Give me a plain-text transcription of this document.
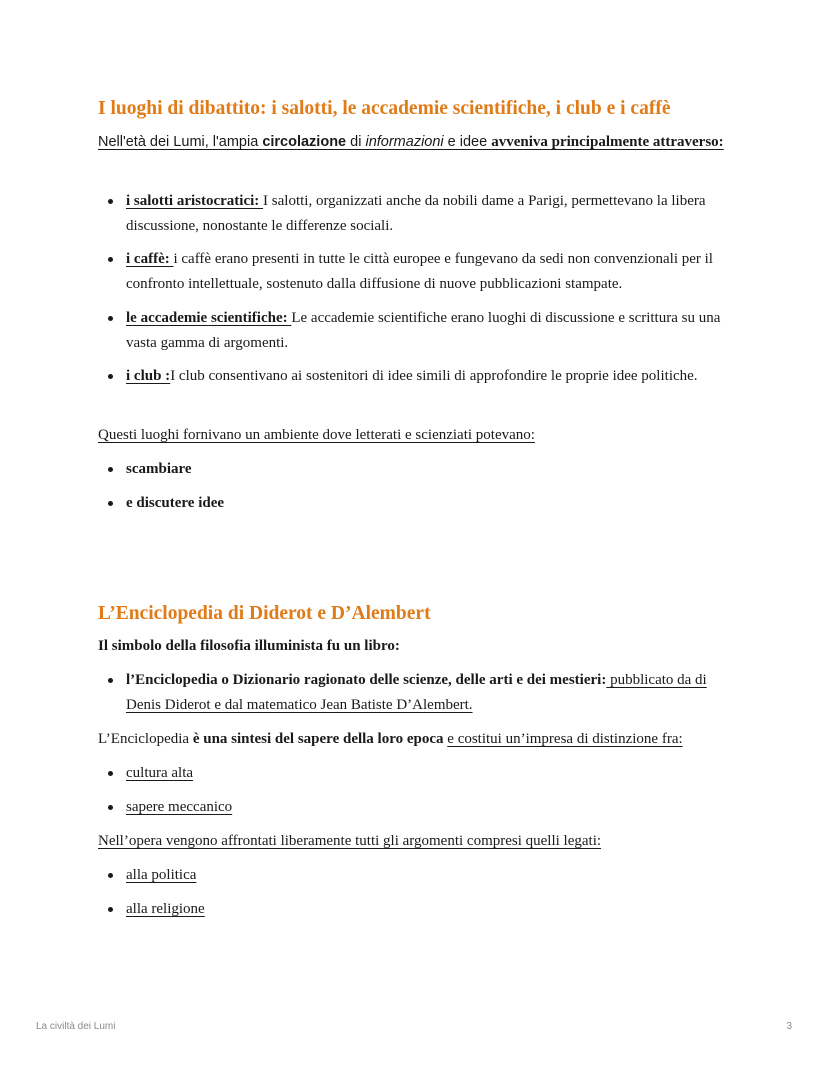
I luoghi di dibattito: i salotti, le accademie scientifiche, i club e i caffè
Nell'età dei Lumi, l'ampia circolazione di informazioni e idee avveniva principalmente attraverso:
i salotti aristocratici: I salotti, organizzati anche da nobili dame a Parigi, permettevano la libera discussione, nonostante le differenze sociali.
i caffè: i caffè erano presenti in tutte le città europee e fungevano da sedi non convenzionali per il confronto intellettuale, sostenuto dalla diffusione di nuove pubblicazioni stampate.
le accademie scientifiche: Le accademie scientifiche erano luoghi di discussione e scrittura su una vasta gamma di argomenti.
i club :I club consentivano ai sostenitori di idee simili di approfondire le proprie idee politiche.
Questi luoghi fornivano un ambiente dove letterati e scienziati potevano:
scambiare
e discutere idee
L’Enciclopedia di Diderot e D’Alembert
Il simbolo della filosofia illuminista fu un libro:
l’Enciclopedia o Dizionario ragionato delle scienze, delle arti e dei mestieri: pubblicato da di Denis Diderot e dal matematico Jean Batiste D’Alembert.
L’Enciclopedia è una sintesi del sapere della loro epoca e costitui un’impresa di distinzione fra:
cultura alta
sapere meccanico
Nell’opera vengono affrontati liberamente tutti gli argomenti compresi quelli legati:
alla politica
alla religione
La civiltà dei Lumi	3
